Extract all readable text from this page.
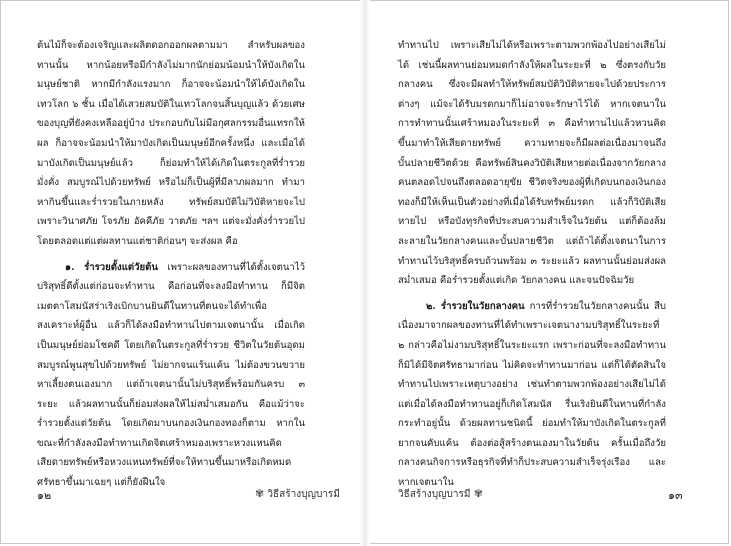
ต้นไม้ก็จะต้องเจริญและผลิตดอกออกผลตามมา สำหรับผลของทานนั้น หากน้อยหรือมีกำลังไม่มากนักย่อมน้อมนำให้บังเกิดในมนุษย์ชาติ หากมีกำลังแรงมาก ก็อาจจะน้อมนำให้ได้บังเกิดในเทวโลก ๖ ชั้น เมื่อได้เสวยสมบัติในเทวโลกจนสิ้นบุญแล้ว ด้วยเศษของบุญที่ยังคงเหลืออยู่บ้าง ประกอบกับไม่มีอกุศลกรรมอื่นแทรกให้ผล ก็อาจจะน้อมนำให้มาบังเกิดเป็นมนุษย์อีกครั้งหนึ่ง และเมื่อได้มาบังเกิดเป็นมนุษย์แล้ว ก็ย่อมทำให้ได้เกิดในตระกูลที่ร่ำรวย มั่งคั่ง สมบูรณ์ไปด้วยทรัพย์ หรือไม่ก็เป็นผู้ที่มีลาภผลมาก ทำมาหากินขึ้นและร่ำรวยในภายหลัง ทรัพย์สมบัติไม่วิบัติหายจะไปเพราะวินาศภัย โจรภัย อัคคีภัย วาตภัย ฯลฯ แต่จะมั่งคั่งร่ำรวยไปโดยตลอดแต่แต่ผลทานแต่ชาติก่อนๆ จะส่งผล คือ

๑. ร่ำรวยตั้งแต่วัยต้น เพราะผลของทานที่ได้ตั้งเจตนาไว้บริสุทธิ์ดีตั้งแต่ก่อนจะทำทาน คือก่อนที่จะลงมือทำทาน ก็มีจิตเมตตาโสมนัสร่าเริงเบิกบานยินดีในทานที่ตนจะได้ทำเพื่อสงเคราะห์ผู้อื่น แล้วก็ได้ลงมือทำทานไปตามเจตนานั้น เมื่อเกิดเป็นมนุษย์ย่อมโชคดี โดยเกิดในตระกูลที่ร่ำรวย ชีวิตในวัยต้นอุดมสมบูรณ์พูนสุขไปด้วยทรัพย์ ไม่ยากจนแร้นแค้น ไม่ต้องขวนขวายหาเลี้ยงตนเองมาก แต่ถ้าเจตนานั้นไม่บริสุทธิ์พร้อมกันครบ ๓ ระยะ แล้วผลทานนั้นก็ย่อมส่งผลให้ไม่สม่ำเสมอกัน คือแม้ว่าจะร่ำรวยตั้งแต่วัยต้น โดยเกิดมาบนกองเงินกองทองก็ตาม หากในขณะที่กำลังลงมือทำทานเกิดจิตเศร้าหมองเพราะหวงแหนคิดเสียดายทรัพย์หรือหวงแหนทรัพย์ที่จะให้ทานขึ้นมาหรือเกิดหมดศรัทธาขึ้นมาเฉยๆ แต่ก็ยังฝืนใจ

ทำทานไป เพราะเสียไม่ได้หรือเพราะตามพวกพ้องไปอย่างเสียไม่ได้ เช่นนี้ผลทานย่อมหมดกำลังให้ผลในระยะที่ ๒ ซึ่งตรงกับวัยกลางคน ซึ่งจะมีผลทำให้ทรัพย์สมบัติวิบัติหายจะไปด้วยประการต่างๆ แม้จะได้รับมรดกมาก็ไม่อาจจะรักษาไว้ได้ หากเจตนาในการทำทานนั้นเศร้าหมองในระยะที่ ๓ คือทำทานไปแล้วหวนคิดขึ้นมาทำให้เสียดายทรัพย์ ความทายจะก็มีผลต่อเนื่องมาจนถึงบั้นปลายชีวิตด้วย คือทรัพย์สินคงวิบัติเสียหายต่อเนื่องจากวัยกลางคนตลอดไปจนถึงตลอดอายุขัย ชีวิตจริงของผู้ที่เกิดบนกองเงินกองทองก็มีให้เห็นเป็นตัวอย่างที่เมื่อได้รับทรัพย์มรดก แล้วก็วิบัติเสียหายไป หรือบังทุรกิจที่ประสบความสำเร็จในวัยต้น แต่ก็ต้องล้มละลายในวัยกลางคนและบั้นปลายชีวิต แต่ถ้าได้ตั้งเจตนาในการทำทานไว้บริสุทธิ์ครบถ้วนพร้อม ๓ ระยะแล้ว ผลทานนั้นย่อมส่งผลสม่ำเสมอ คือร่ำรวยตั้งแต่เกิด วัยกลางคน และจนปัจฉิมวัย

๒. ร่ำรวยในวัยกลางคน การที่ร่ำรวยในวัยกลางคนนั้น สืบเนื่องมาจากผลของทานที่ได้ทำเพราะเจตนางามบริสุทธิ์ในระยะที่ ๒ กล่าวคือไม่งามบริสุทธิ์ในระยะแรก เพราะก่อนที่จะลงมือทำทานก็มิได้มีจิตศรัทธามาก่อน ไม่คิดจะทำทานมาก่อน แต่ก็ได้ตัดสินใจทำทานไปเพราะเหตุบางอย่าง เช่นทำตามพวกพ้องอย่างเสียไม่ได้ แต่เมื่อได้ลงมือทำทานอยู่ก็เกิดโสมนัส รื่นเริงยินดีในทานที่กำลังกระทำอยู่นั้น ด้วยผลทานชนิดนี้ ย่อมทำให้มาบังเกิดในตระกูลที่ยากจนคับแค้น ต้องต่อสู้สร้างตนเองมาในวัยต้น ครั้นเมื่อถึงวัยกลางคนกิจการหรือธุรกิจที่ทำก็ประสบความสำเร็จรุ่งเรือง และหากเจตนาใน

๑๒	✾ วิธีสร้างบุญบารมี	วิธีสร้างบุญบารมี ✾	๑๓
